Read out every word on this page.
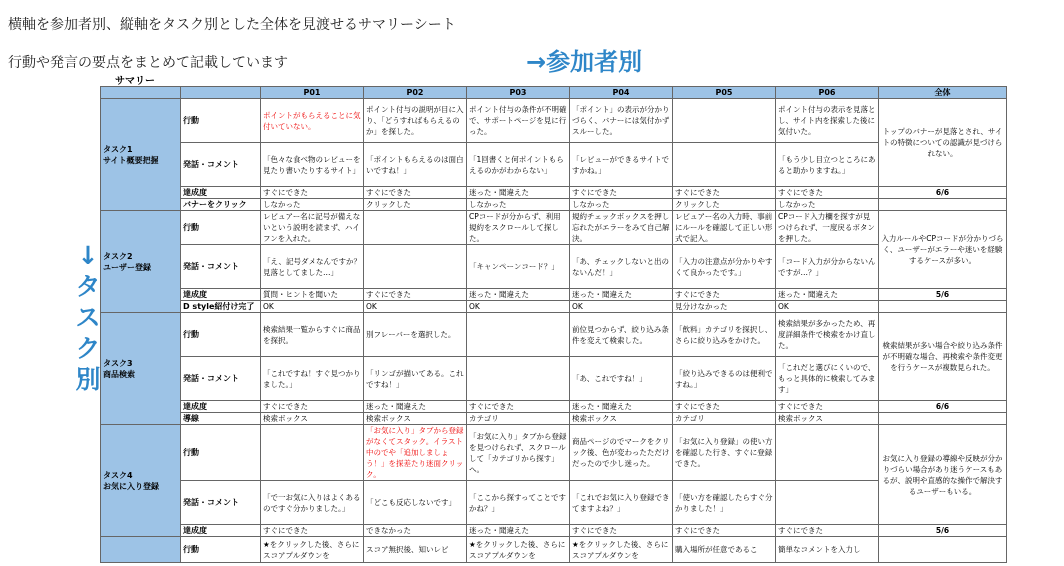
横軸を参加者別、縦軸をタスク別とした全体を見渡せるサマリーシート
行動や発言の要点をまとめて記載しています	→参加者別
↓
タ
ス
ク
別
サマリー
		P01	P02	P03	P04	P05	P06	全体
タスク1
サイト概要把握	行動	ポイントがもらえることに気付いていない。	ポイント付与の説明が目に入り、「どうすればもらえるのか」を探した。	ポイント付与の条件が不明確で、サポートページを見に行った。	「ポイント」の表示が分かりづらく、バナーには気付かずスルーした。		ポイント付与の表示を見落とし、サイト内を探索した後に気付いた。	トップのバナーが見落とされ、サイトの特徴についての認識が見づけられない。
	発話・コメント	「色々な食べ物のレビューを見たり書いたりするサイト」	「ポイントもらえるのは面白いですね！」	「1回書くと何ポイントもらえるのかがわからない」	「レビューができるサイトですかね。」		「もう少し目立つところにあると助かりますね。」	
	達成度	すぐにできた	すぐにできた	迷った・聞違えた	すぐにできた	すぐにできた	すぐにできた	6/6
	バナーをクリック	しなかった	クリックした	しなかった	しなかった	クリックした	しなかった	
タスク2
ユーザー登録	行動	レビュアー名に記号が備えないという説明を読まず、ハイフンを入れた。		CPコードが分からず、利用規約をスクロールして探した。	規約チェックボックスを押し忘れたがエラーをみて自己解決。	レビュアー名の入力時、事前にルールを確認して正しい形式で記入。	CPコード入力欄を探すが見つけられず、一度戻るボタンを押した。	入力ルールやCPコードが分かりづらく、ユーザーがエラーや迷いを経験するケースが多い。
	発話・コメント	「え、記号ダメなんですか？見落としてました…」		「キャンペーンコード？」	「あ、チェックしないと出のないんだ！」	「入力の注意点が分かりやすくて良かったです。」	「コード入力が分からないんですが…？」	
	達成度	質問・ヒントを聞いた	すぐにできた	迷った・聞違えた	迷った・聞違えた	すぐにできた	迷った・聞違えた	5/6
	D style紹付け完了	OK	OK	OK	OK	見分けなかった	OK	
タスク3
商品検索	行動	検索結果一覧からすぐに商品を探択。	別フレーバーを選択した。		前位見つからず、絞り込み条件を変えて検索した。	「飲料」カテゴリを探択し、さらに絞り込みをかけた。	検索結果が多かったため、再度詳細条件で検索をかけ直した。	検索結果が多い場合や絞り込み条件が不明確な場合、再検索や条件変更を行うケースが複数見られた。
	発話・コメント	「これですね！すぐ見つかりました。」	「リンゴが描いてある。これですね！」		「あ、これですね！」	「絞り込みできるのは便利ですね。」	「これだと選びにくいので、もっと具体的に検索してみます」	
	達成度	すぐにできた	迷った・聞違えた	すぐにできた	迷った・聞違えた	すぐにできた	すぐにできた	6/6
	導線	検索ボックス	検索ボックス	カテゴリ	検索ボックス	カテゴリ	検索ボックス	
タスク4
お気に入り登録	行動		「お気に入り」タブから登録がなくてスタック。イラスト中のでや「追加しましょう！」を探差たり迷面クリック。	「お気に入り」タブから登録を見つけられず、スクロールして「カテゴリから探す」へ。	商品ページのでマークをクリック後、色が変わったただけだったので少し迷った。	「お気に入り登録」の使い方を確認した行き、すぐに登録できた。		お気に入り登録の導線や反映が分かりづらい場合があり迷うケースもあるが、説明や直感的な操作で解決するユーザーもいる。
	発話・コメント	「で一お気に入りはよくあるのですぐ分かりました。」	「どこも反応しないです」	「ここから探すってことですかね？」	「これでお気に入り登録できてますよね？」	「使い方を確認したらすぐ分かりました！」		
	達成度	すぐにできた	できなかった	迷った・聞違えた	すぐにできた	すぐにできた	すぐにできた	5/6
	行動	★をクリックした後、さらにスコアプルダウンを	スコア無択後、知いレビ	★をクリックした後、さらにスコアプルダウンを	★をクリックした後、さらにスコアプルダウンを	購入場所が任意であるこ	簡単なコメントを入力し	
